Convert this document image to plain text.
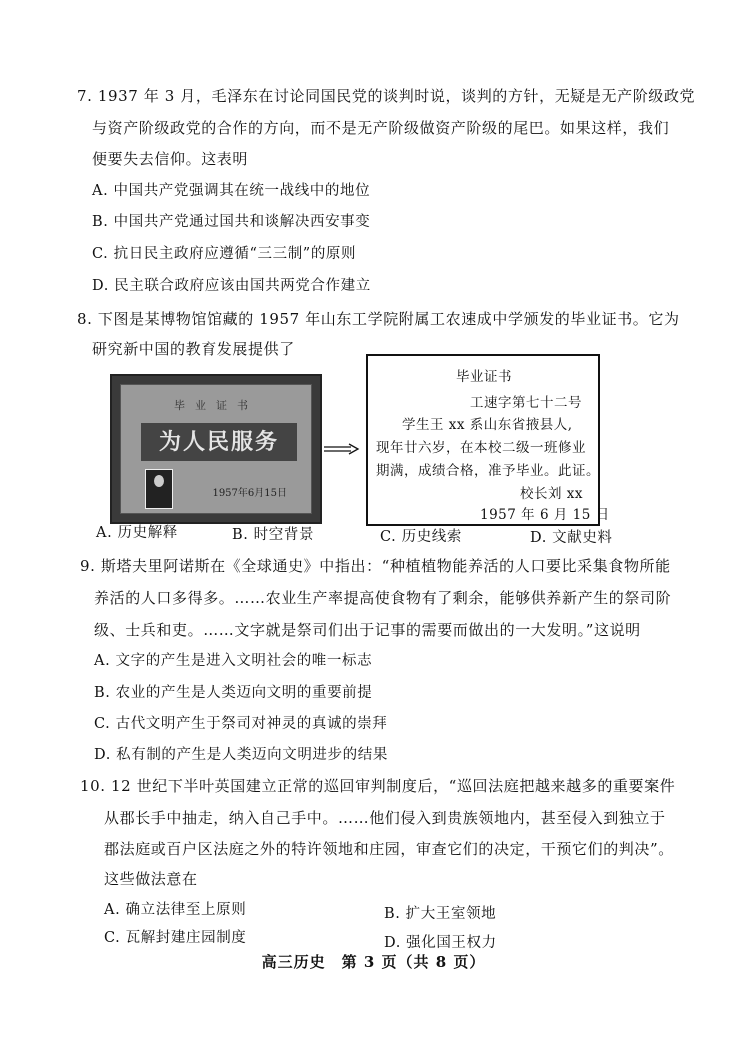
7. 1937 年 3 月，毛泽东在讨论同国民党的谈判时说，谈判的方针，无疑是无产阶级政党
与资产阶级政党的合作的方向，而不是无产阶级做资产阶级的尾巴。如果这样，我们
便要失去信仰。这表明
A. 中国共产党强调其在统一战线中的地位
B. 中国共产党通过国共和谈解决西安事变
C. 抗日民主政府应遵循“三三制”的原则
D. 民主联合政府应该由国共两党合作建立
8. 下图是某博物馆馆藏的 1957 年山东工学院附属工农速成中学颁发的毕业证书。它为
研究新中国的教育发展提供了
毕业证书
为人民服务
1957年6月15日
毕业证书
工速字第七十二号
学生王 xx 系山东省掖县人,
现年廿六岁，在本校二级一班修业
期满，成绩合格，准予毕业。此证。
校长刘 xx
1957 年 6 月 15 日
A. 历史解释	B. 时空背景	C. 历史线索	D. 文献史料
9. 斯塔夫里阿诺斯在《全球通史》中指出：“种植植物能养活的人口要比采集食物所能
养活的人口多得多。……农业生产率提高使食物有了剩余，能够供养新产生的祭司阶
级、士兵和吏。……文字就是祭司们出于记事的需要而做出的一大发明。”这说明
A. 文字的产生是进入文明社会的唯一标志
B. 农业的产生是人类迈向文明的重要前提
C. 古代文明产生于祭司对神灵的真诚的崇拜
D. 私有制的产生是人类迈向文明进步的结果
10. 12 世纪下半叶英国建立正常的巡回审判制度后，“巡回法庭把越来越多的重要案件
从郡长手中抽走，纳入自己手中。……他们侵入到贵族领地内，甚至侵入到独立于
郡法庭或百户区法庭之外的特许领地和庄园，审查它们的决定，干预它们的判决”。
这些做法意在
A. 确立法律至上原则	B. 扩大王室领地
C. 瓦解封建庄园制度	D. 强化国王权力
高三历史　第 3 页（共 8 页）
